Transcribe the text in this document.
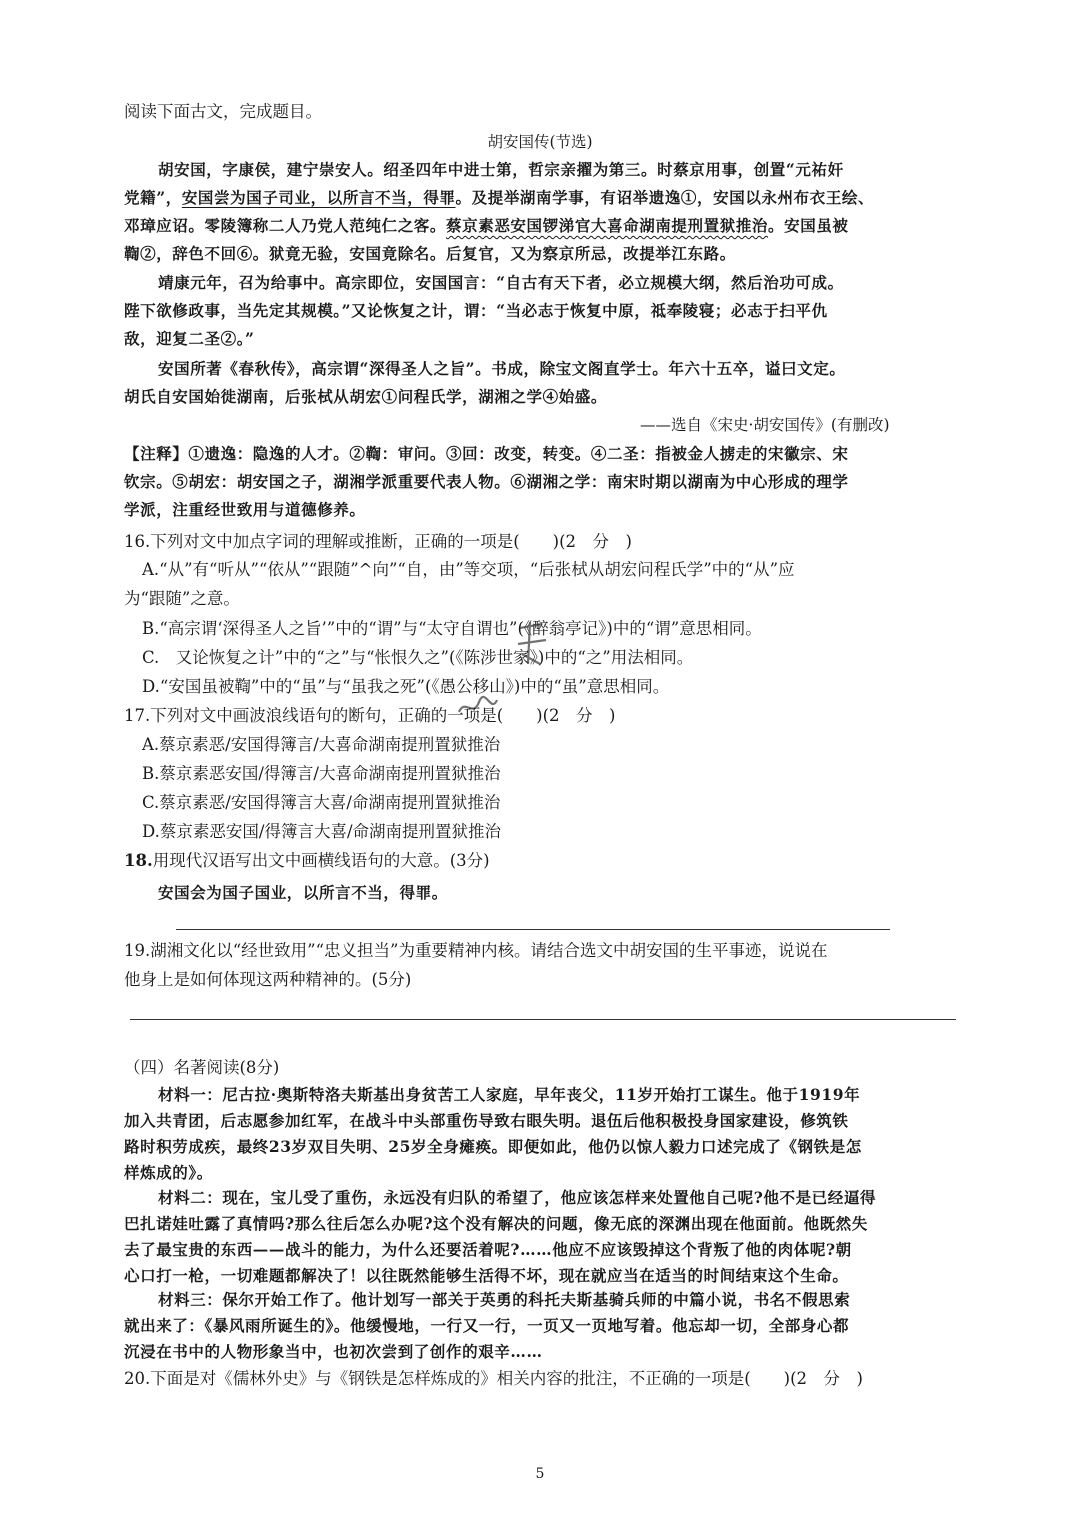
阅读下面古文，完成题目。
胡安国传(节选)
胡安国，字康侯，建宁崇安人。绍圣四年中进士第，哲宗亲擢为第三。时蔡京用事，创置“元祐奸
党籍”，安国尝为国子司业，以所言不当，得罪。及提举湖南学事，有诏举遗逸①，安国以永州布衣王绘、
邓璋应诏。零陵簿称二人乃党人范纯仁之客。蔡京素恶安国锣涕官大喜命湖南提刑置狱推治。安国虽被
鞫②，辞色不回⑥。狱竟无验，安国竟除名。后复官，又为察京所忌，改提举江东路。
靖康元年，召为给事中。高宗即位，安国国言：“自古有天下者，必立规模大纲，然后治功可成。
陛下欲修政事，当先定其规模。”又论恢复之计，谓：“当必志于恢复中原，祗奉陵寝；必志于扫平仇
敌，迎复二圣②。”
安国所著《春秋传》，高宗谓“深得圣人之旨”。书成，除宝文阁直学士。年六十五卒，谥曰文定。
胡氏自安国始徙湖南，后张栻从胡宏①问程氏学，湖湘之学④始盛。
——选自《宋史·胡安国传》(有删改)
【注释】①遗逸：隐逸的人才。②鞫：审问。③回：改变，转变。④二圣：指被金人掳走的宋徽宗、宋
钦宗。⑤胡宏：胡安国之子，湖湘学派重要代表人物。⑥湖湘之学：南宋时期以湖南为中心形成的理学
学派，注重经世致用与道德修养。
16.下列对文中加点字词的理解或推断，正确的一项是(　　)(2　分　)
A.“从”有“听从”“依从”“跟随”^向”“自，由”等交项，“后张栻从胡宏问程氏学”中的“从”应
为“跟随”之意。
B.“高宗谓‘深得圣人之旨’”中的“谓”与“太守自谓也”(《醉翁亭记》)中的“谓”意思相同。
C.　又论恢复之计”中的“之”与“怅恨久之”(《陈涉世家》)中的“之”用法相同。
D.“安国虽被鞫”中的“虽”与“虽我之死”(《愚公移山》)中的“虽”意思相同。
17.下列对文中画波浪线语句的断句，正确的一项是(　　)(2　分　)
A.蔡京素恶/安国得簿言/大喜命湖南提刑置狱推治
B.蔡京素恶安国/得簿言/大喜命湖南提刑置狱推治
C.蔡京素恶/安国得簿言大喜/命湖南提刑置狱推治
D.蔡京素恶安国/得簿言大喜/命湖南提刑置狱推治
18.用现代汉语写出文中画横线语句的大意。(3分)
安国会为国子国业，以所言不当，得罪。
19.湖湘文化以“经世致用”“忠义担当”为重要精神内核。请结合选文中胡安国的生平事迹，说说在
他身上是如何体现这两种精神的。(5分)
（四）名著阅读(8分)
材料一：尼古拉·奥斯特洛夫斯基出身贫苦工人家庭，早年丧父，11岁开始打工谋生。他于1919年
加入共青团，后志愿参加红军，在战斗中头部重伤导致右眼失明。退伍后他积极投身国家建设，修筑铁
路时积劳成疾，最终23岁双目失明、25岁全身瘫痪。即便如此，他仍以惊人毅力口述完成了《钢铁是怎
样炼成的》。
材料二：现在，宝儿受了重伤，永远没有归队的希望了，他应该怎样来处置他自己呢?他不是已经逼得
巴扎诺娃吐露了真情吗?那么往后怎么办呢?这个没有解决的问题，像无底的深渊出现在他面前。他既然失
去了最宝贵的东西——战斗的能力，为什么还要活着呢?……他应不应该毁掉这个背叛了他的肉体呢?朝
心口打一枪，一切难题都解决了！以往既然能够生活得不坏，现在就应当在适当的时间结束这个生命。
材料三：保尔开始工作了。他计划写一部关于英勇的科托夫斯基骑兵师的中篇小说，书名不假思索
就出来了：《暴风雨所诞生的》。他缓慢地，一行又一行，一页又一页地写着。他忘却一切，全部身心都
沉浸在书中的人物形象当中，也初次尝到了创作的艰辛……
20.下面是对《儒林外史》与《钢铁是怎样炼成的》相关内容的批注，不正确的一项是(　　)(2　分　)
5
